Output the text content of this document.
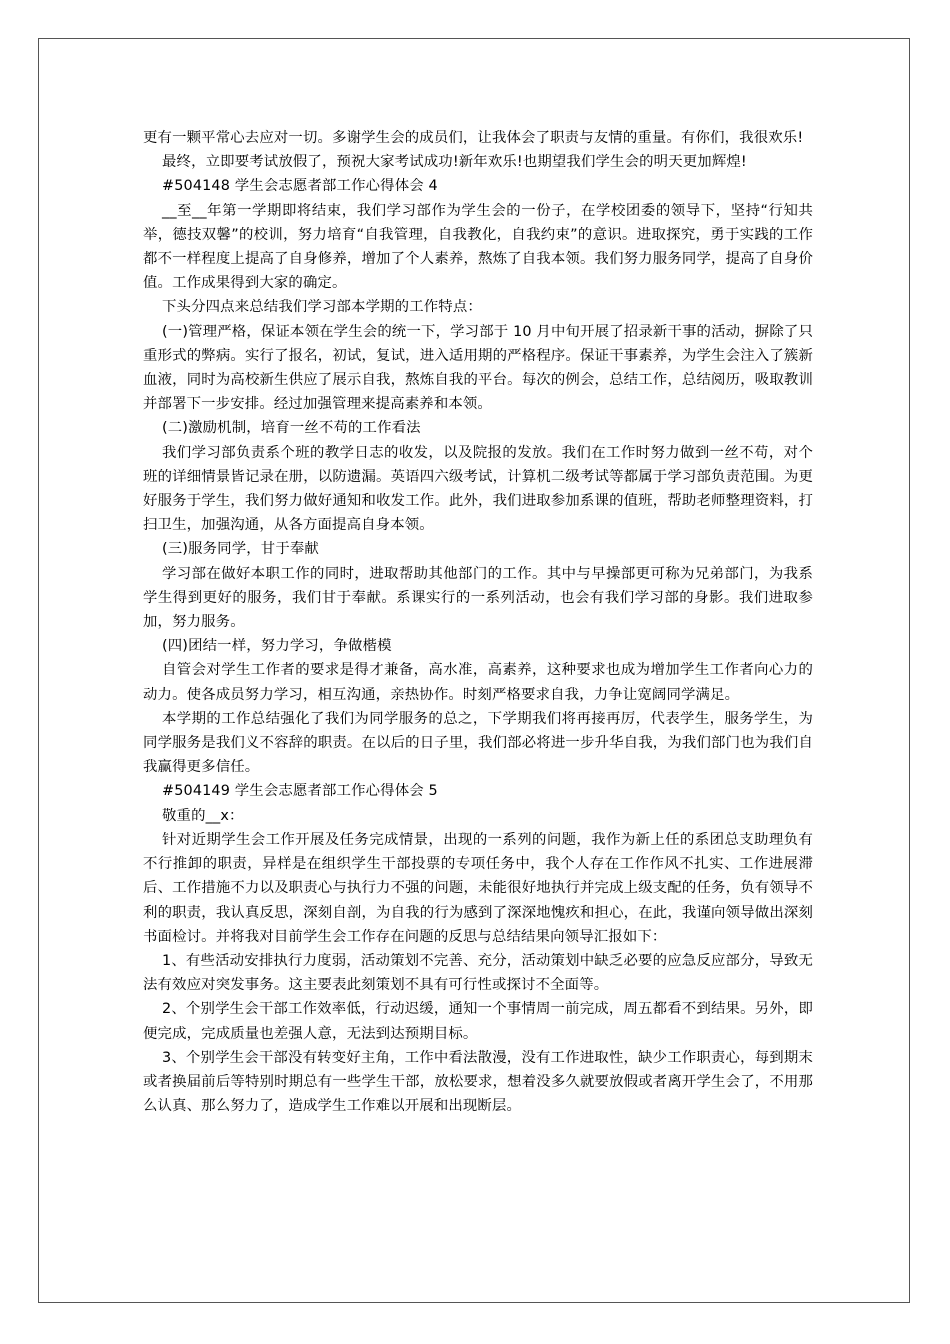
更有一颗平常心去应对一切。多谢学生会的成员们，让我体会了职责与友情的重量。有你们，我很欢乐!

最终，立即要考试放假了，预祝大家考试成功!新年欢乐!也期望我们学生会的明天更加辉煌!

#504148 学生会志愿者部工作心得体会 4

__至__年第一学期即将结束，我们学习部作为学生会的一份子，在学校团委的领导下，坚持“行知共举，德技双馨”的校训，努力培育“自我管理，自我教化，自我约束”的意识。进取探究，勇于实践的工作都不一样程度上提高了自身修养，增加了个人素养，熬炼了自我本领。我们努力服务同学，提高了自身价值。工作成果得到大家的确定。

下头分四点来总结我们学习部本学期的工作特点：

(一)管理严格，保证本领在学生会的统一下，学习部于 10 月中旬开展了招录新干事的活动，摒除了只重形式的弊病。实行了报名，初试，复试，进入适用期的严格程序。保证干事素养，为学生会注入了簇新血液，同时为高校新生供应了展示自我，熬炼自我的平台。每次的例会，总结工作，总结阅历，吸取教训并部署下一步安排。经过加强管理来提高素养和本领。

(二)激励机制，培育一丝不苟的工作看法

我们学习部负责系个班的教学日志的收发，以及院报的发放。我们在工作时努力做到一丝不苟，对个班的详细情景皆记录在册，以防遗漏。英语四六级考试，计算机二级考试等都属于学习部负责范围。为更好服务于学生，我们努力做好通知和收发工作。此外，我们进取参加系课的值班，帮助老师整理资料，打扫卫生，加强沟通，从各方面提高自身本领。

(三)服务同学，甘于奉献

学习部在做好本职工作的同时，进取帮助其他部门的工作。其中与早操部更可称为兄弟部门，为我系学生得到更好的服务，我们甘于奉献。系课实行的一系列活动，也会有我们学习部的身影。我们进取参加，努力服务。

(四)团结一样，努力学习，争做楷模

自管会对学生工作者的要求是得才兼备，高水准，高素养，这种要求也成为增加学生工作者向心力的动力。使各成员努力学习，相互沟通，亲热协作。时刻严格要求自我，力争让宽阔同学满足。

本学期的工作总结强化了我们为同学服务的总之，下学期我们将再接再厉，代表学生，服务学生，为同学服务是我们义不容辞的职责。在以后的日子里，我们部必将进一步升华自我，为我们部门也为我们自我赢得更多信任。

#504149 学生会志愿者部工作心得体会 5

敬重的__x：

针对近期学生会工作开展及任务完成情景，出现的一系列的问题，我作为新上任的系团总支助理负有不行推卸的职责，异样是在组织学生干部投票的专项任务中，我个人存在工作作风不扎实、工作进展滞后、工作措施不力以及职责心与执行力不强的问题，未能很好地执行并完成上级支配的任务，负有领导不利的职责，我认真反思，深刻自剖，为自我的行为感到了深深地愧疚和担心，在此，我谨向领导做出深刻书面检讨。并将我对目前学生会工作存在问题的反思与总结结果向领导汇报如下：

1、有些活动安排执行力度弱，活动策划不完善、充分，活动策划中缺乏必要的应急反应部分，导致无法有效应对突发事务。这主要表此刻策划不具有可行性或探讨不全面等。

2、个别学生会干部工作效率低，行动迟缓，通知一个事情周一前完成，周五都看不到结果。另外，即便完成，完成质量也差强人意，无法到达预期目标。

3、个别学生会干部没有转变好主角，工作中看法散漫，没有工作进取性，缺少工作职责心，每到期末或者换届前后等特别时期总有一些学生干部，放松要求，想着没多久就要放假或者离开学生会了，不用那么认真、那么努力了，造成学生工作难以开展和出现断层。
